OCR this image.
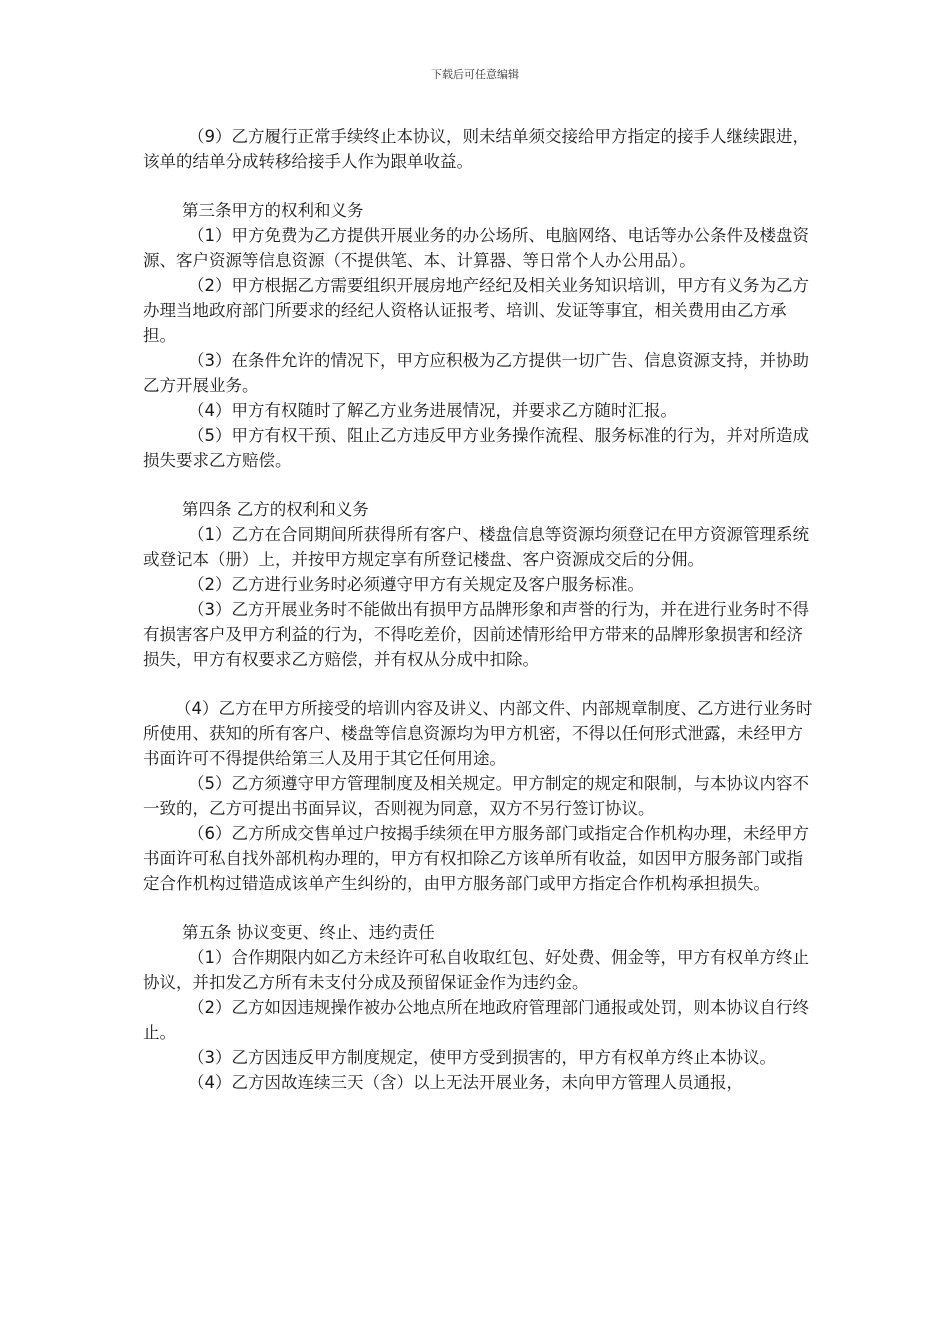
下载后可任意编辑

（9）乙方履行正常手续终止本协议，则未结单须交接给甲方指定的接手人继续跟进，该单的结单分成转移给接手人作为跟单收益。

第三条甲方的权利和义务

（1）甲方免费为乙方提供开展业务的办公场所、电脑网络、电话等办公条件及楼盘资源、客户资源等信息资源（不提供笔、本、计算器、等日常个人办公用品）。

（2）甲方根据乙方需要组织开展房地产经纪及相关业务知识培训，甲方有义务为乙方办理当地政府部门所要求的经纪人资格认证报考、培训、发证等事宜，相关费用由乙方承担。

（3）在条件允许的情况下，甲方应积极为乙方提供一切广告、信息资源支持，并协助乙方开展业务。

（4）甲方有权随时了解乙方业务进展情况，并要求乙方随时汇报。

（5）甲方有权干预、阻止乙方违反甲方业务操作流程、服务标准的行为，并对所造成损失要求乙方赔偿。

第四条 乙方的权利和义务

（1）乙方在合同期间所获得所有客户、楼盘信息等资源均须登记在甲方资源管理系统或登记本（册）上，并按甲方规定享有所登记楼盘、客户资源成交后的分佣。

（2）乙方进行业务时必须遵守甲方有关规定及客户服务标准。

（3）乙方开展业务时不能做出有损甲方品牌形象和声誉的行为，并在进行业务时不得有损害客户及甲方利益的行为，不得吃差价，因前述情形给甲方带来的品牌形象损害和经济损失，甲方有权要求乙方赔偿，并有权从分成中扣除。

（4）乙方在甲方所接受的培训内容及讲义、内部文件、内部规章制度、乙方进行业务时所使用、获知的所有客户、楼盘等信息资源均为甲方机密，不得以任何形式泄露，未经甲方书面许可不得提供给第三人及用于其它任何用途。

（5）乙方须遵守甲方管理制度及相关规定。甲方制定的规定和限制，与本协议内容不一致的，乙方可提出书面异议，否则视为同意，双方不另行签订协议。

（6）乙方所成交售单过户按揭手续须在甲方服务部门或指定合作机构办理，未经甲方书面许可私自找外部机构办理的，甲方有权扣除乙方该单所有收益，如因甲方服务部门或指定合作机构过错造成该单产生纠纷的，由甲方服务部门或甲方指定合作机构承担损失。

第五条 协议变更、终止、违约责任

（1）合作期限内如乙方未经许可私自收取红包、好处费、佣金等，甲方有权单方终止协议，并扣发乙方所有未支付分成及预留保证金作为违约金。

（2）乙方如因违规操作被办公地点所在地政府管理部门通报或处罚，则本协议自行终止。

（3）乙方因违反甲方制度规定，使甲方受到损害的，甲方有权单方终止本协议。

（4）乙方因故连续三天（含）以上无法开展业务，未向甲方管理人员通报，
